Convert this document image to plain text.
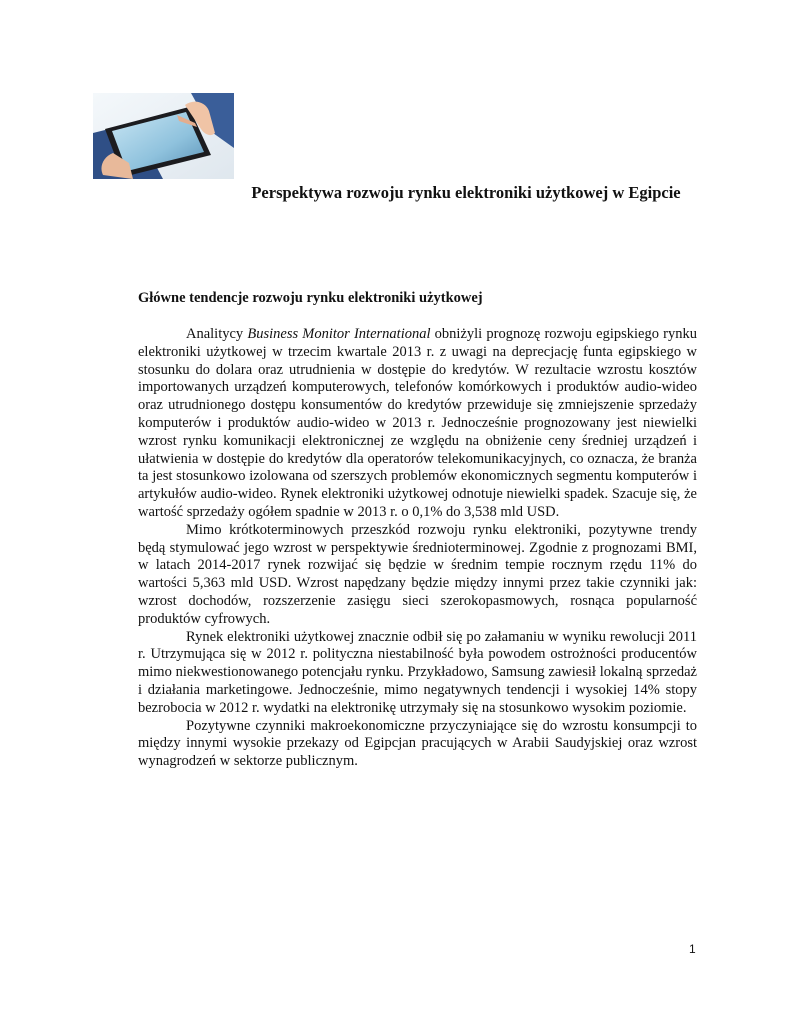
Perspektywa rozwoju rynku elektroniki użytkowej w Egipcie
Główne tendencje rozwoju rynku elektroniki użytkowej

Analitycy Business Monitor International obniżyli prognozę rozwoju egipskiego rynku elektroniki użytkowej w trzecim kwartale 2013 r. z uwagi na deprecjację funta egipskiego w stosunku do dolara oraz utrudnienia w dostępie do kredytów. W rezultacie wzrostu kosztów importowanych urządzeń komputerowych, telefonów komórkowych i produktów audio-wideo oraz utrudnionego dostępu konsumentów do kredytów przewiduje się zmniejszenie sprzedaży komputerów i produktów audio-wideo w 2013 r. Jednocześnie prognozowany jest niewielki wzrost rynku komunikacji elektronicznej ze względu na obniżenie ceny średniej urządzeń i ułatwienia w dostępie do kredytów dla operatorów telekomunikacyjnych, co oznacza, że branża ta jest stosunkowo izolowana od szerszych problemów ekonomicznych segmentu komputerów i artykułów audio-wideo. Rynek elektroniki użytkowej odnotuje niewielki spadek. Szacuje się, że wartość sprzedaży ogółem spadnie w 2013 r. o 0,1% do 3,538 mld USD.

Mimo krótkoterminowych przeszkód rozwoju rynku elektroniki, pozytywne trendy będą stymulować jego wzrost w perspektywie średnioterminowej. Zgodnie z prognozami BMI, w latach 2014-2017 rynek rozwijać się będzie w średnim tempie rocznym rzędu 11% do wartości 5,363 mld USD. Wzrost napędzany będzie między innymi przez takie czynniki jak: wzrost dochodów, rozszerzenie zasięgu sieci szerokopasmowych, rosnąca popularność produktów cyfrowych.

Rynek elektroniki użytkowej znacznie odbił się po załamaniu w wyniku rewolucji 2011 r. Utrzymująca się w 2012 r. polityczna niestabilność była powodem ostrożności producentów mimo niekwestionowanego potencjału rynku. Przykładowo, Samsung zawiesił lokalną sprzedaż i działania marketingowe. Jednocześnie, mimo negatywnych tendencji i wysokiej 14% stopy bezrobocia w 2012 r. wydatki na elektronikę utrzymały się na stosunkowo wysokim poziomie.

Pozytywne czynniki makroekonomiczne przyczyniające się do wzrostu konsumpcji to między innymi wysokie przekazy od Egipcjan pracujących w Arabii Saudyjskiej oraz wzrost wynagrodzeń w sektorze publicznym.

1
